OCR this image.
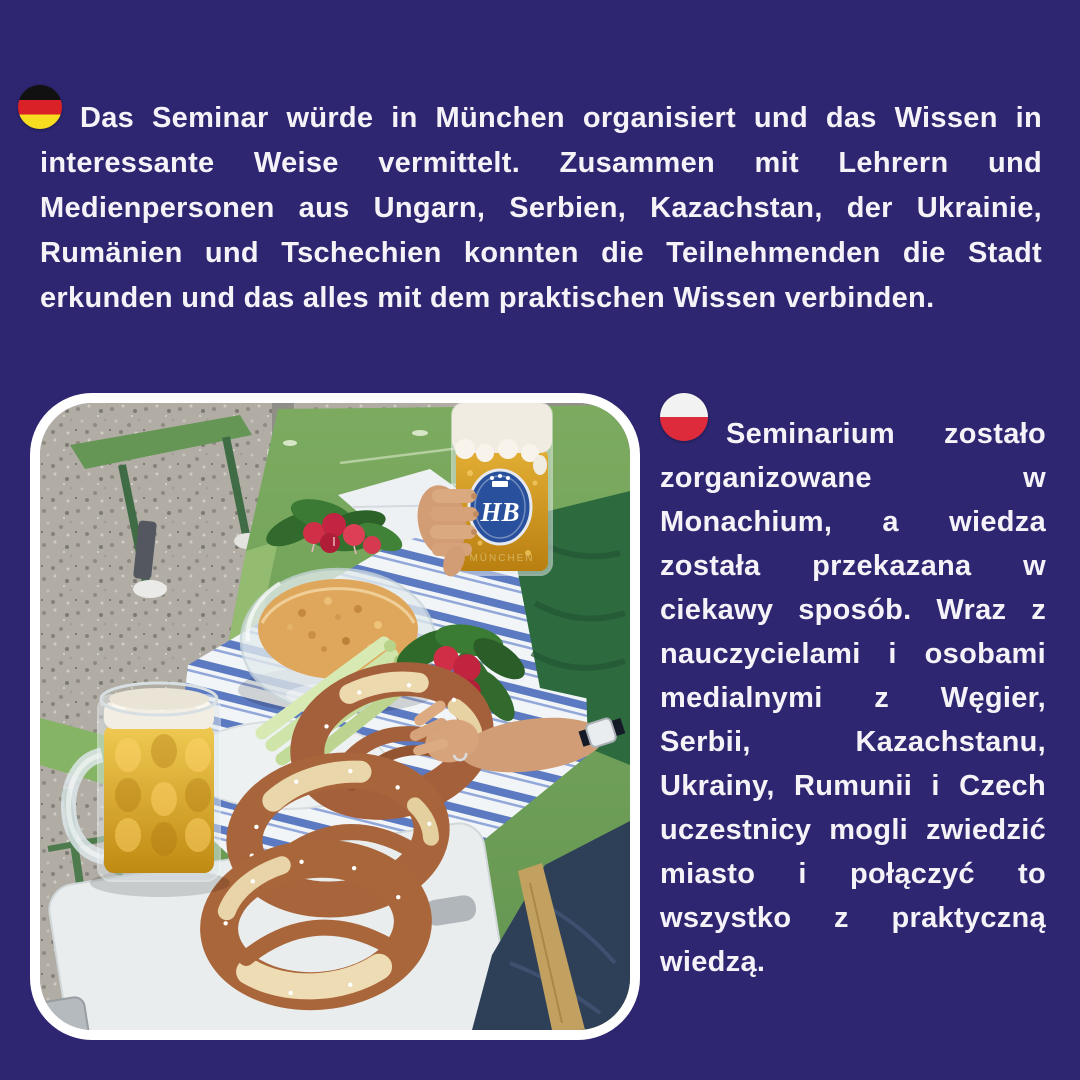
Das Seminar würde in München organisiert und das Wissen in interessante Weise vermittelt. Zusammen mit Lehrern und Medienpersonen aus Ungarn, Serbien, Kazachstan, der Ukrainie, Rumänien und Tschechien konnten die Teilnehmenden die Stadt erkunden und das alles mit dem praktischen Wissen verbinden.

Seminarium zostało zorganizowane w Monachium, a wiedza została przekazana w ciekawy sposób. Wraz z nauczycielami i osobami medialnymi z Węgier, Serbii, Kazachstanu, Ukrainy, Rumunii i Czech uczestnicy mogli zwiedzić miasto i połączyć to wszystko z praktyczną wiedzą.

HB
MÜNCHEN
